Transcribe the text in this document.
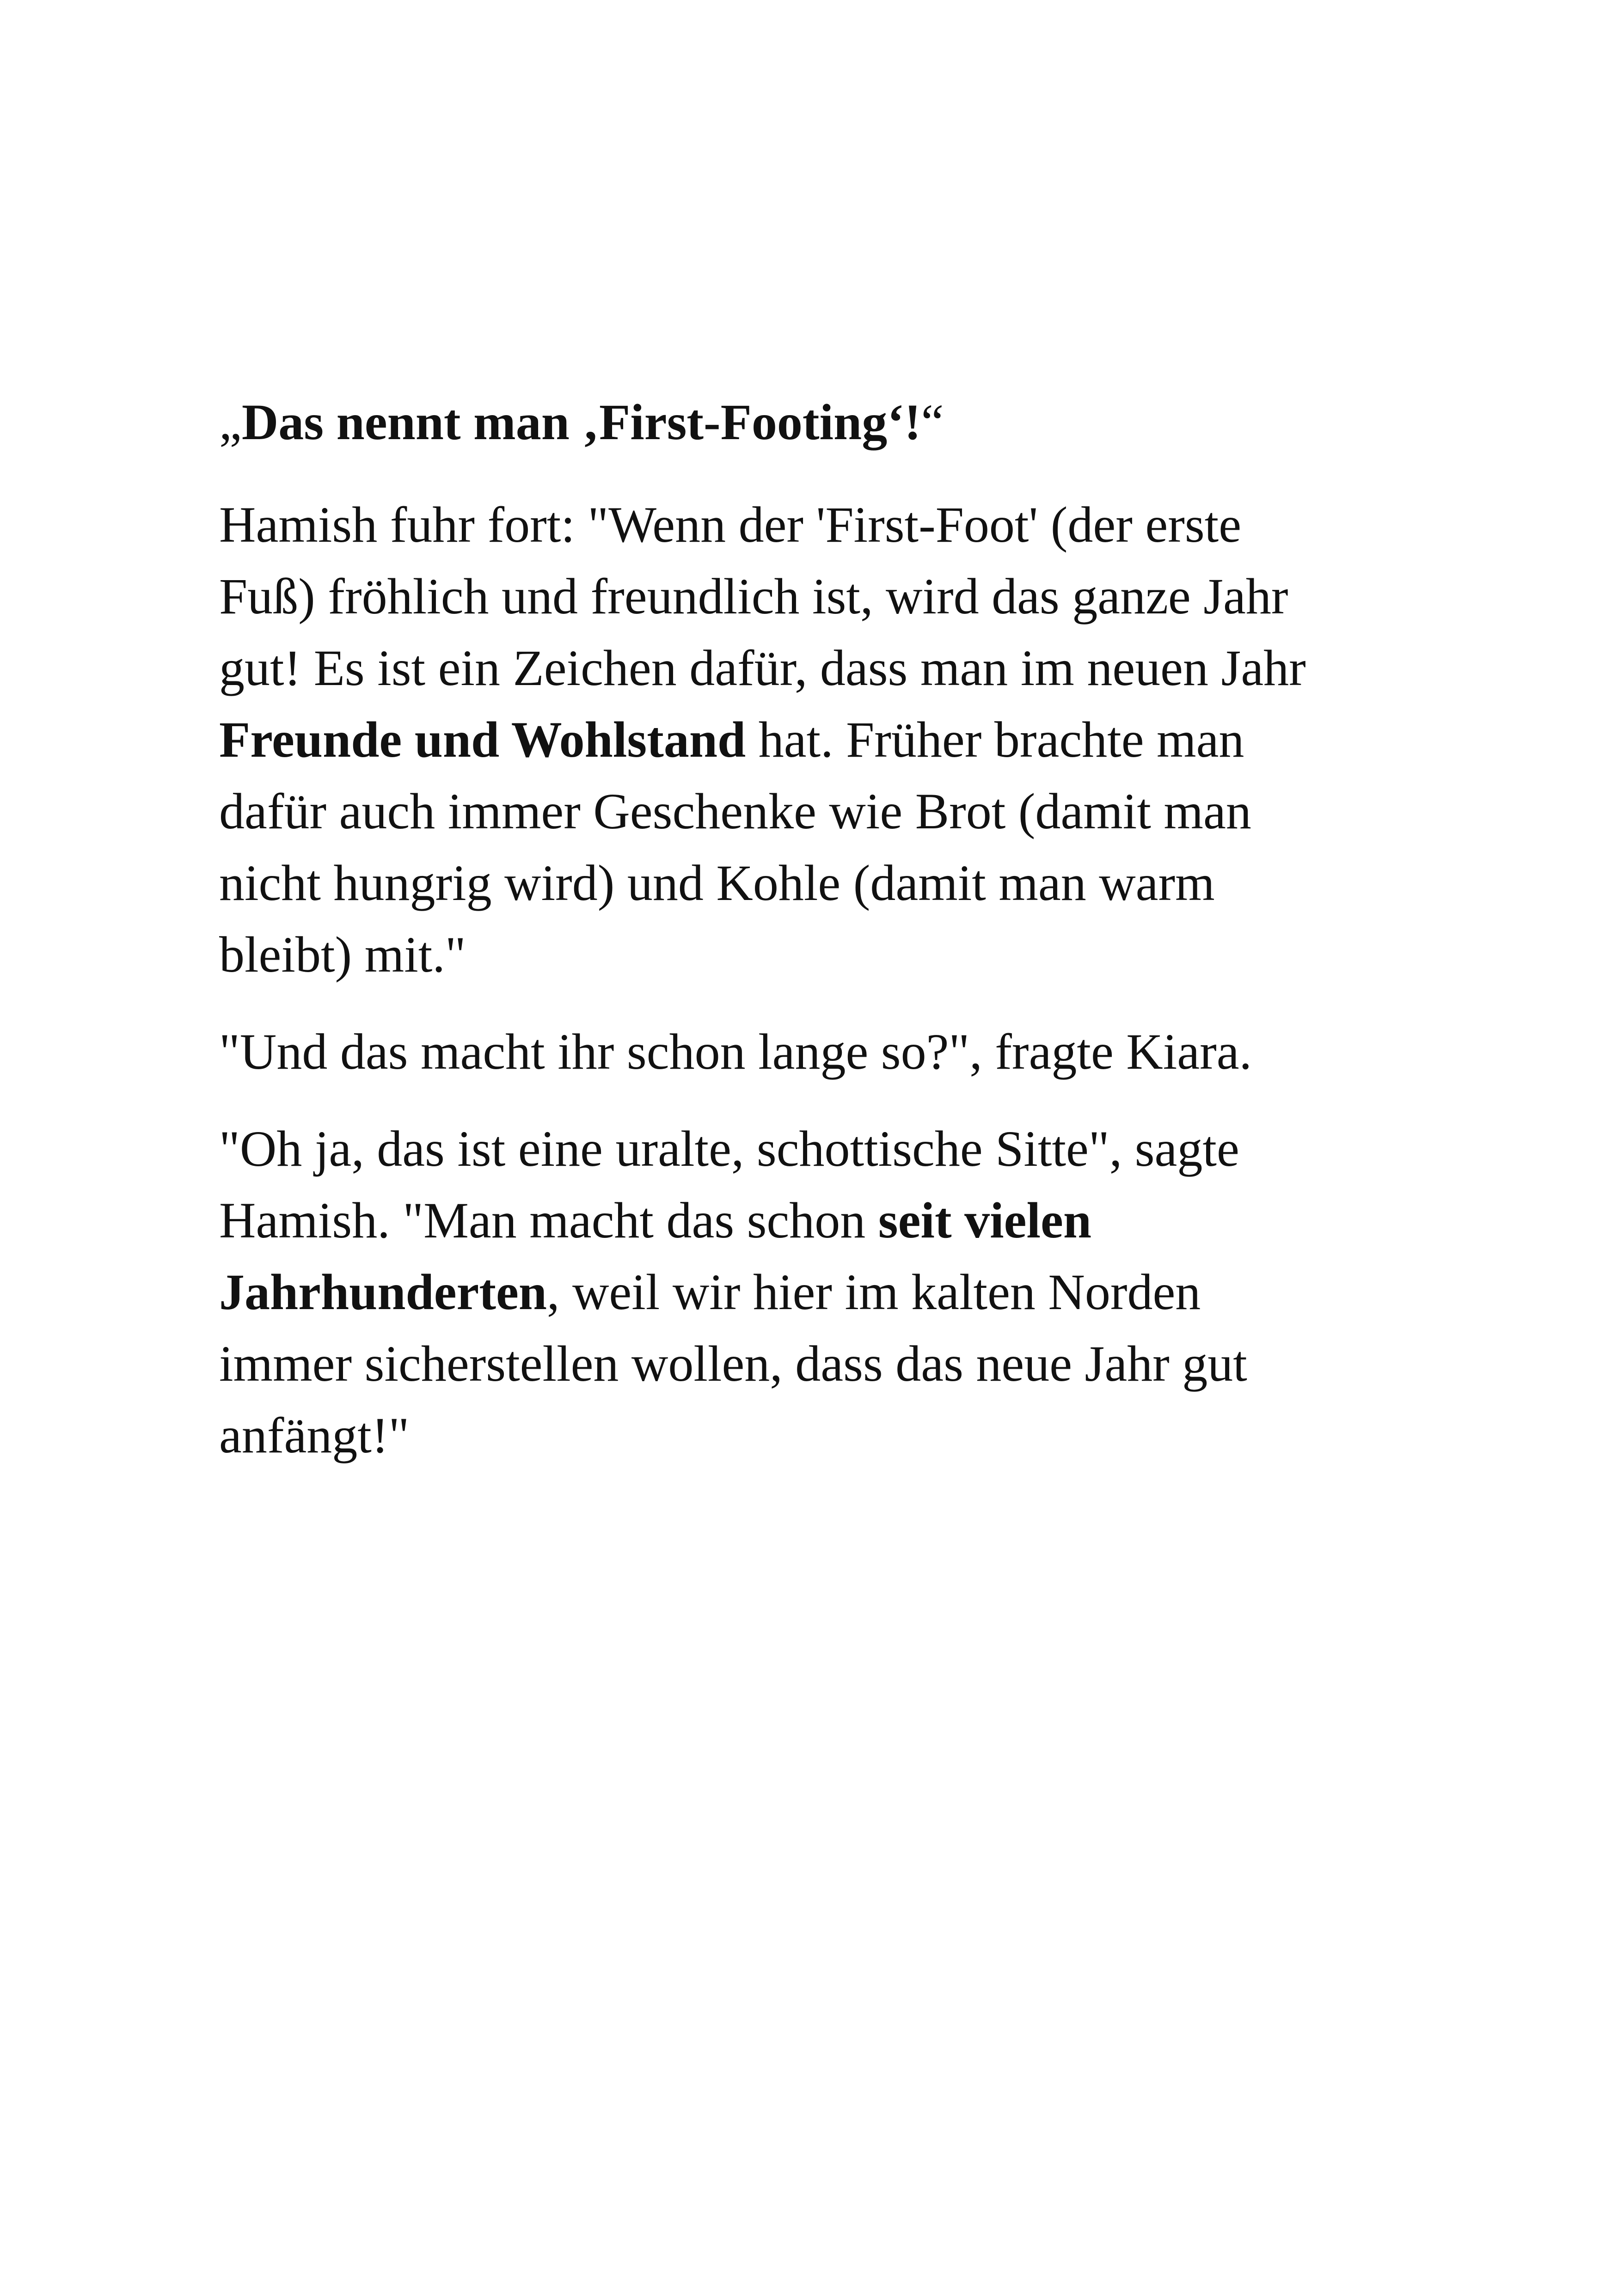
„Das nennt man ‚First-Footing‘!“

Hamish fuhr fort: "Wenn der 'First-Foot' (der erste
Fuß) fröhlich und freundlich ist, wird das ganze Jahr
gut! Es ist ein Zeichen dafür, dass man im neuen Jahr
Freunde und Wohlstand hat. Früher brachte man
dafür auch immer Geschenke wie Brot (damit man
nicht hungrig wird) und Kohle (damit man warm
bleibt) mit."

"Und das macht ihr schon lange so?", fragte Kiara.

"Oh ja, das ist eine uralte, schottische Sitte", sagte
Hamish. "Man macht das schon seit vielen
Jahrhunderten, weil wir hier im kalten Norden
immer sicherstellen wollen, dass das neue Jahr gut
anfängt!"
